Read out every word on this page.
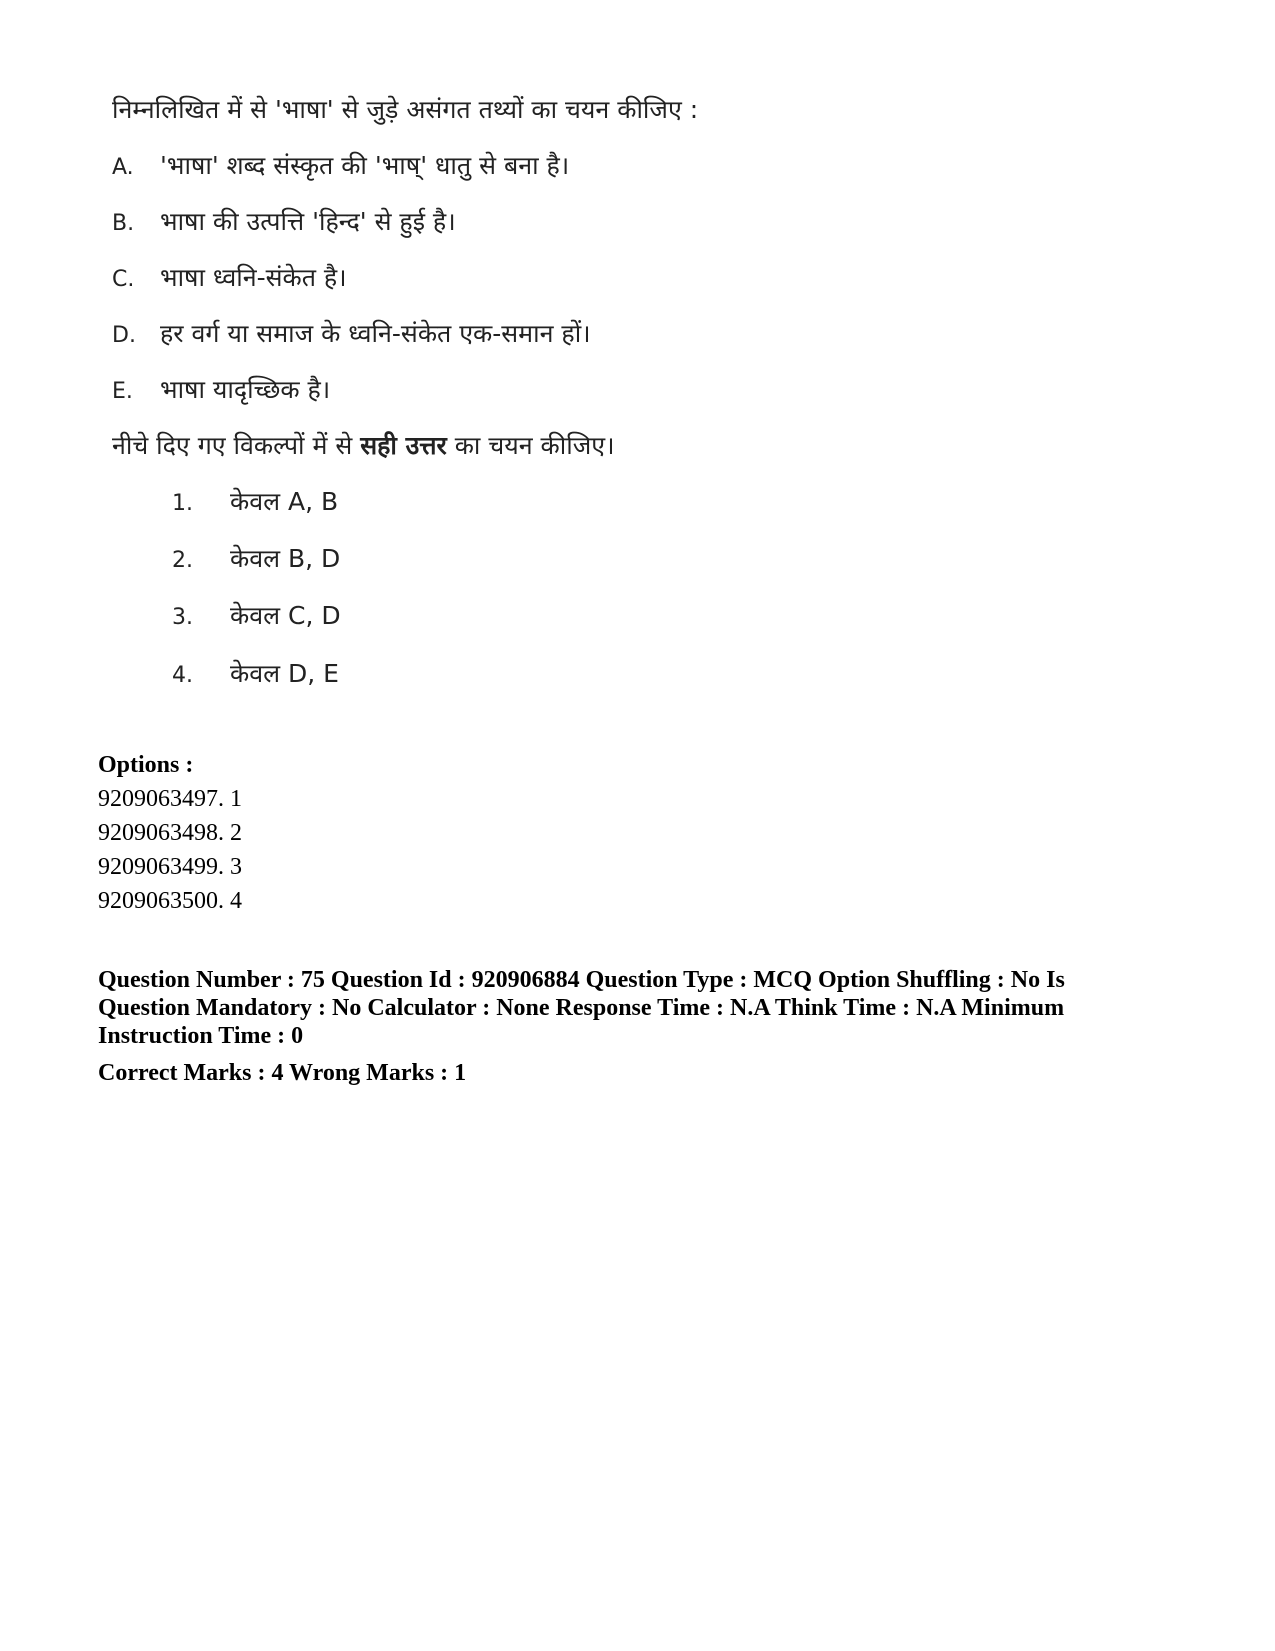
निम्नलिखित में से 'भाषा' से जुड़े असंगत तथ्यों का चयन कीजिए :
A. 'भाषा' शब्द संस्कृत की 'भाष्' धातु से बना है।
B. भाषा की उत्पत्ति 'हिन्द' से हुई है।
C. भाषा ध्वनि-संकेत है।
D. हर वर्ग या समाज के ध्वनि-संकेत एक-समान हों।
E. भाषा यादृच्छिक है।
नीचे दिए गए विकल्पों में से सही उत्तर का चयन कीजिए।
1. केवल A, B
2. केवल B, D
3. केवल C, D
4. केवल D, E
Options :
9209063497. 1
9209063498. 2
9209063499. 3
9209063500. 4
Question Number : 75 Question Id : 920906884 Question Type : MCQ Option Shuffling : No Is Question Mandatory : No Calculator : None Response Time : N.A Think Time : N.A Minimum Instruction Time : 0
Correct Marks : 4 Wrong Marks : 1
